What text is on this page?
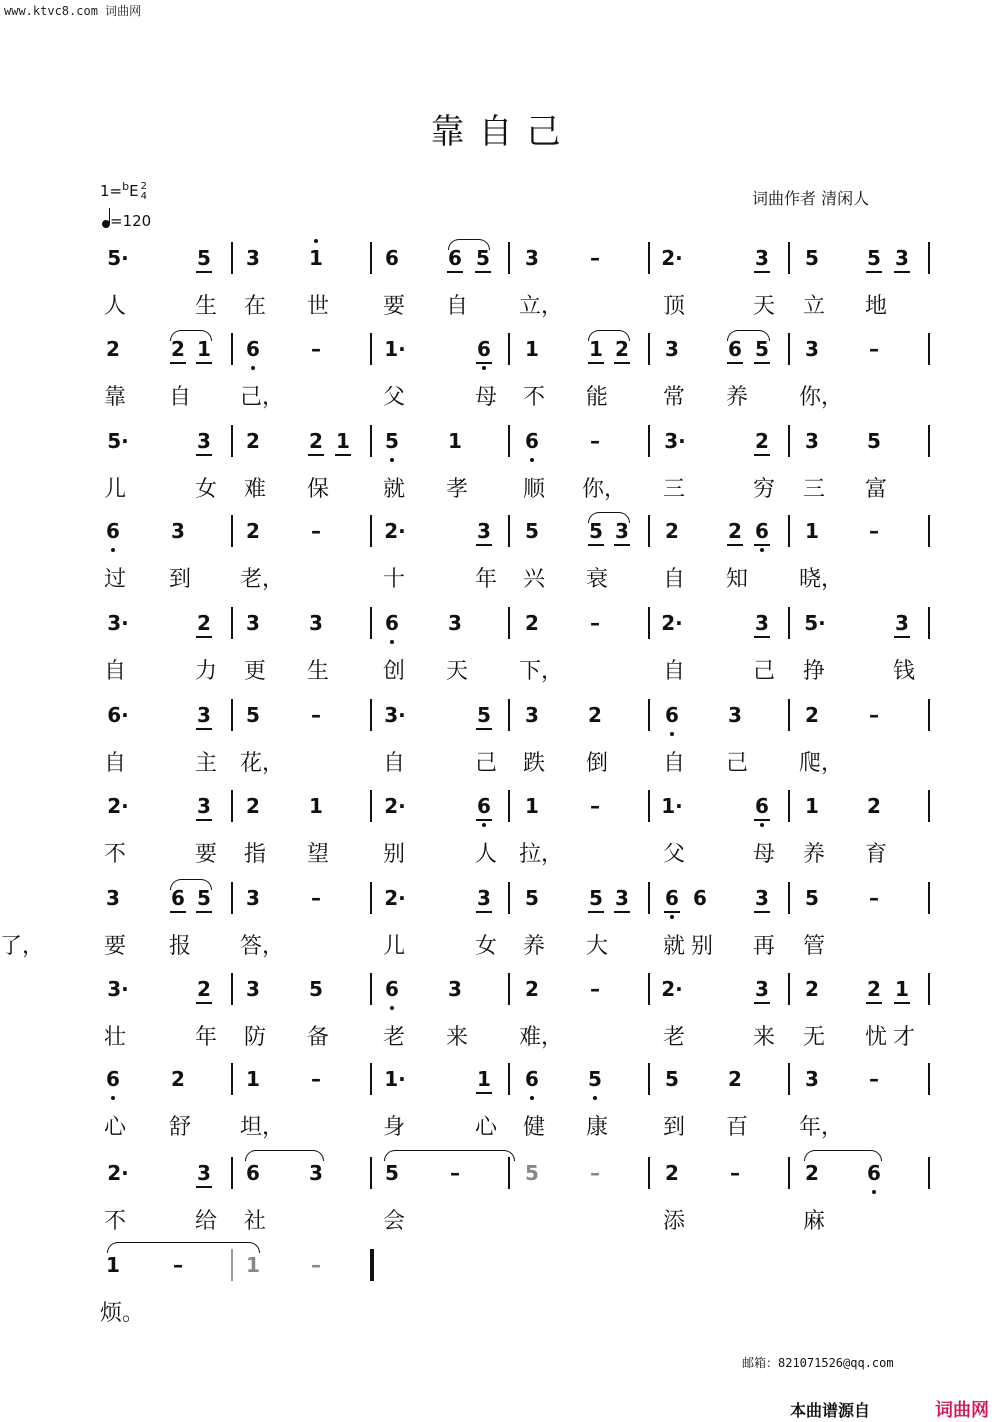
www.ktvc8.com 词曲网
靠自己
1=$^b$E 2
4
=120
词曲作者 清闲人
5·	5	3	1	6	6 5	3	–	2·	3	5	5 3
人	生 在 世 要 自 立，	顶	天 立 地
2	2 1	6	–	1·	6	1	1 2	3	6 5	3	–
靠 自 己，	父	母 不 能 常 养 你，
5·	3	2	2 1	5	1	6	–	3·	2	3	5
儿	女 难 保 就 孝 顺 你， 三	穷 三 富
6	3	2	–	2·	3	5	5 3	2	2 6	1	–
过 到 老，	十	年 兴 衰 自 知 晓，
3·	2	3	3	6	3	2	–	2·	3	5·	3
自	力 更 生 创 天 下，	自	己 挣	钱
6·	3	5	–	3·	5	3	2	6	3	2	–
自	主 花，	自	己 跌 倒 自 己 爬，
2·	3	2	1	2·	6	1	–	1·	6	1	2
不	要 指 望 别	人 拉，	父	母 养 育
3	6 5	3	–	2·	3	5	5 3	6 6	3	5	–
要 报 答，	儿	女 养 大 就 别 再 管
了，
3·	2	3	5	6	3	2	–	2·	3	2	2 1
壮	年 防 备 老 来 难，	老	来 无 忧 才
6	2	1	–	1·	1	6	5	5	2	3	–
心 舒 坦，	身	心 健 康 到 百 年，
2·	3	6	3	5	–	5	–	2	–	2	6
不	给 社	会	添	麻
1	–	1	–
烦。
邮箱：821071526@qq.com
本曲谱源自	词曲网
